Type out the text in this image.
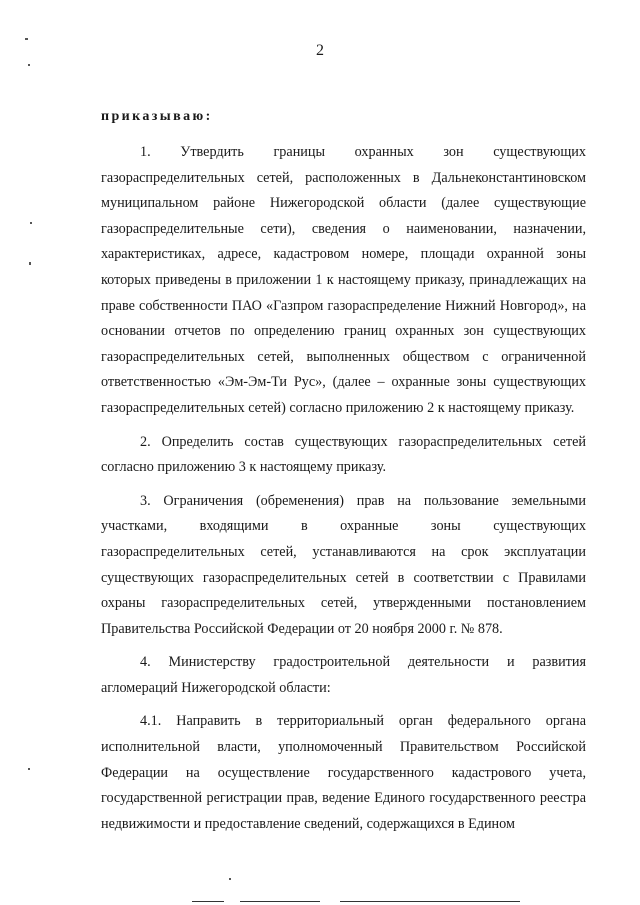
2
приказываю:

1. Утвердить границы охранных зон существующих газораспределительных сетей, расположенных в Дальнеконстантиновском муниципальном районе Нижегородской области (далее существующие газораспределительные сети), сведения о наименовании, назначении, характеристиках, адресе, кадастровом номере, площади охранной зоны которых приведены в приложении 1 к настоящему приказу, принадлежащих на праве собственности ПАО «Газпром газораспределение Нижний Новгород», на основании отчетов по определению границ охранных зон существующих газораспределительных сетей, выполненных обществом с ограниченной ответственностью «Эм-Эм-Ти Рус», (далее – охранные зоны существующих газораспределительных сетей) согласно приложению 2 к настоящему приказу.

2. Определить состав существующих газораспределительных сетей согласно приложению 3 к настоящему приказу.

3. Ограничения (обременения) прав на пользование земельными участками, входящими в охранные зоны существующих газораспределительных сетей, устанавливаются на срок эксплуатации существующих газораспределительных сетей в соответствии с Правилами охраны газораспределительных сетей, утвержденными постановлением Правительства Российской Федерации от 20 ноября 2000 г. № 878.

4. Министерству градостроительной деятельности и развития агломераций Нижегородской области:

4.1. Направить в территориальный орган федерального органа исполнительной власти, уполномоченный Правительством Российской Федерации на осуществление государственного кадастрового учета, государственной регистрации прав, ведение Единого государственного реестра недвижимости и предоставление сведений, содержащихся в Едином
